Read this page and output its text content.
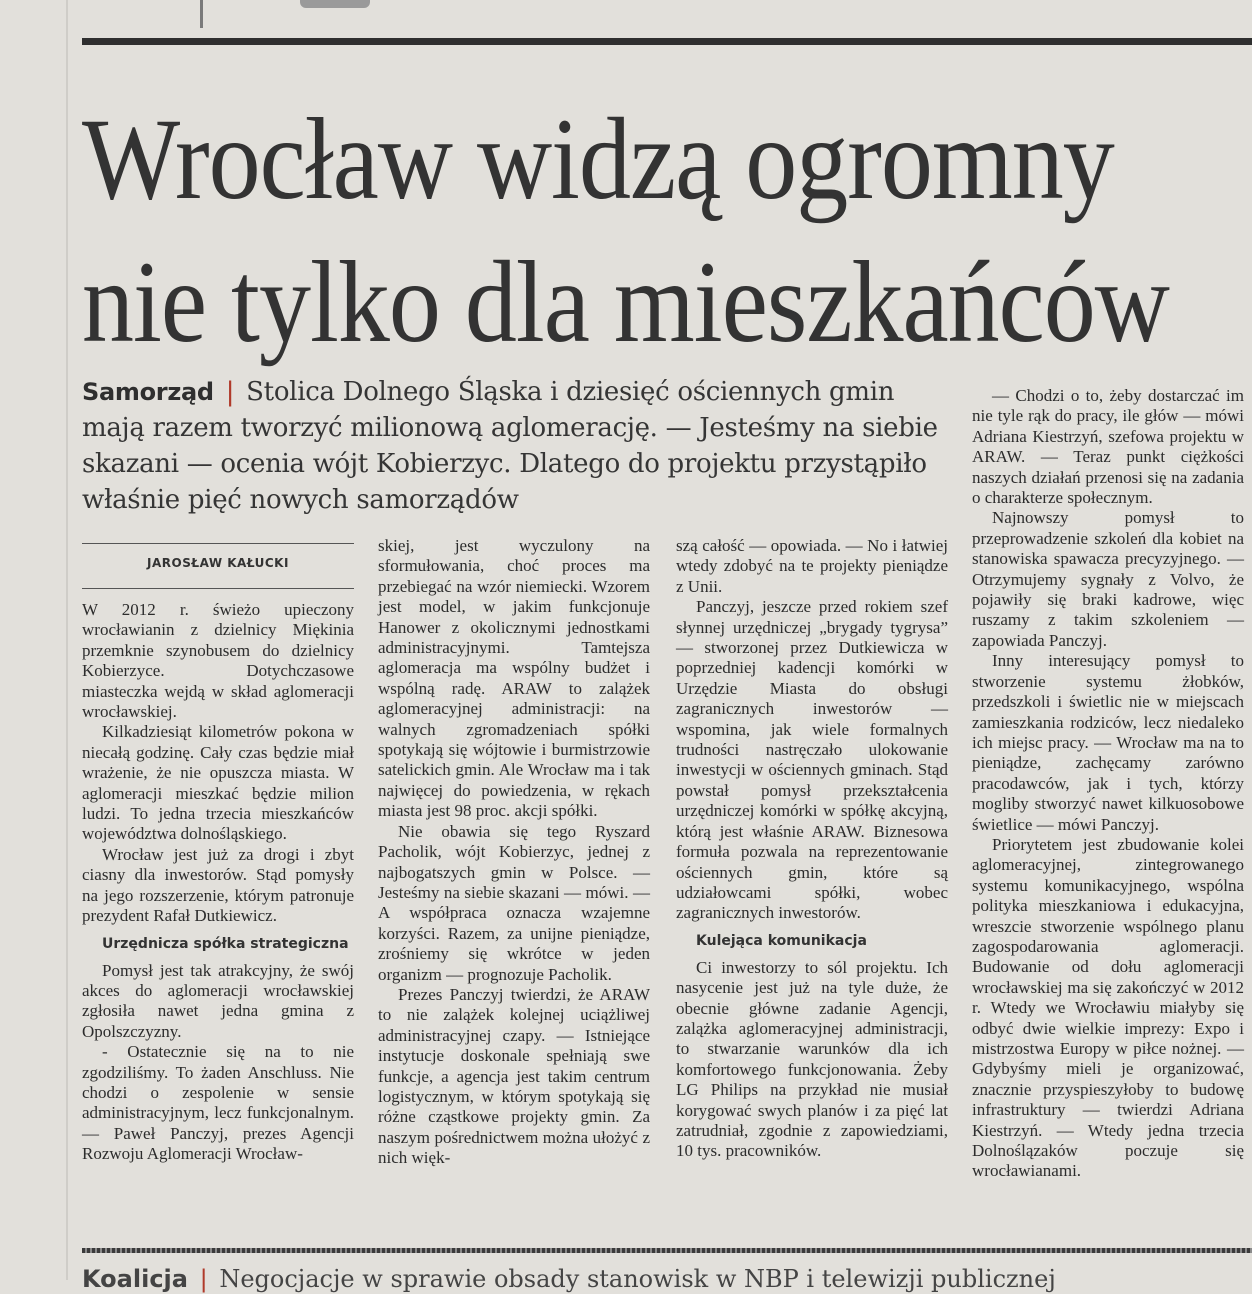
Wrocław widzą ogromny
nie tylko dla mieszkańców

Samorząd | Stolica Dolnego Śląska i dziesięć ościennych gmin mają razem tworzyć milionową aglomerację. — Jesteśmy na siebie skazani — ocenia wójt Kobierzyc. Dlatego do projektu przystąpiło właśnie pięć nowych samorządów

JAROSŁAW KAŁUCKI

W 2012 r. świeżo upieczony wrocławianin z dzielnicy Miękinia przemknie szynobusem do dzielnicy Kobierzyce. Dotychczasowe miasteczka wejdą w skład aglomeracji wrocławskiej.

Kilkadziesiąt kilometrów pokona w niecałą godzinę. Cały czas będzie miał wrażenie, że nie opuszcza miasta. W aglomeracji mieszkać będzie milion ludzi. To jedna trzecia mieszkańców województwa dolnośląskiego.

Wrocław jest już za drogi i zbyt ciasny dla inwestorów. Stąd pomysły na jego rozszerzenie, którym patronuje prezydent Rafał Dutkiewicz.

Urzędnicza spółka strategiczna

Pomysł jest tak atrakcyjny, że swój akces do aglomeracji wrocławskiej zgłosiła nawet jedna gmina z Opolszczyzny.

- Ostatecznie się na to nie zgodziliśmy. To żaden Anschluss. Nie chodzi o zespolenie w sensie administracyjnym, lecz funkcjonalnym. — Paweł Panczyj, prezes Agencji Rozwoju Aglomeracji Wrocław-

skiej, jest wyczulony na sformułowania, choć proces ma przebiegać na wzór niemiecki. Wzorem jest model, w jakim funkcjonuje Hanower z okolicznymi jednostkami administracyjnymi. Tamtejsza aglomeracja ma wspólny budżet i wspólną radę. ARAW to zalążek aglomeracyjnej administracji: na walnych zgromadzeniach spółki spotykają się wójtowie i burmistrzowie satelickich gmin. Ale Wrocław ma i tak najwięcej do powiedzenia, w rękach miasta jest 98 proc. akcji spółki.

Nie obawia się tego Ryszard Pacholik, wójt Kobierzyc, jednej z najbogatszych gmin w Polsce. — Jesteśmy na siebie skazani — mówi. — A współpraca oznacza wzajemne korzyści. Razem, za unijne pieniądze, zrośniemy się wkrótce w jeden organizm — prognozuje Pacholik.

Prezes Panczyj twierdzi, że ARAW to nie zalążek kolejnej uciążliwej administracyjnej czapy. — Istniejące instytucje doskonale spełniają swe funkcje, a agencja jest takim centrum logistycznym, w którym spotykają się różne cząstkowe projekty gmin. Za naszym pośrednictwem można ułożyć z nich więk-

szą całość — opowiada. — No i łatwiej wtedy zdobyć na te projekty pieniądze z Unii.

Panczyj, jeszcze przed rokiem szef słynnej urzędniczej „brygady tygrysa” — stworzonej przez Dutkiewicza w poprzedniej kadencji komórki w Urzędzie Miasta do obsługi zagranicznych inwestorów — wspomina, jak wiele formalnych trudności nastręczało ulokowanie inwestycji w ościennych gminach. Stąd powstał pomysł przekształcenia urzędniczej komórki w spółkę akcyjną, którą jest właśnie ARAW. Biznesowa formuła pozwala na reprezentowanie ościennych gmin, które są udziałowcami spółki, wobec zagranicznych inwestorów.

Kulejąca komunikacja

Ci inwestorzy to sól projektu. Ich nasycenie jest już na tyle duże, że obecnie główne zadanie Agencji, zalążka aglomeracyjnej administracji, to stwarzanie warunków dla ich komfortowego funkcjonowania. Żeby LG Philips na przykład nie musiał korygować swych planów i za pięć lat zatrudniał, zgodnie z zapowiedziami, 10 tys. pracowników.

— Chodzi o to, żeby dostarczać im nie tyle rąk do pracy, ile głów — mówi Adriana Kiestrzyń, szefowa projektu w ARAW. — Teraz punkt ciężkości naszych działań przenosi się na zadania o charakterze społecznym.

Najnowszy pomysł to przeprowadzenie szkoleń dla kobiet na stanowiska spawacza precyzyjnego. — Otrzymujemy sygnały z Volvo, że pojawiły się braki kadrowe, więc ruszamy z takim szkoleniem — zapowiada Panczyj.

Inny interesujący pomysł to stworzenie systemu żłobków, przedszkoli i świetlic nie w miejscach zamieszkania rodziców, lecz niedaleko ich miejsc pracy. — Wrocław ma na to pieniądze, zachęcamy zarówno pracodawców, jak i tych, którzy mogliby stworzyć nawet kilkuosobowe świetlice — mówi Panczyj.

Priorytetem jest zbudowanie kolei aglomeracyjnej, zintegrowanego systemu komunikacyjnego, wspólna polityka mieszkaniowa i edukacyjna, wreszcie stworzenie wspólnego planu zagospodarowania aglomeracji. Budowanie od dołu aglomeracji wrocławskiej ma się zakończyć w 2012 r. Wtedy we Wrocławiu miałyby się odbyć dwie wielkie imprezy: Expo i mistrzostwa Europy w piłce nożnej. — Gdybyśmy mieli je organizować, znacznie przyspieszyłoby to budowę infrastruktury — twierdzi Adriana Kiestrzyń. — Wtedy jedna trzecia Dolnoślązaków poczuje się wrocławianami.

Koalicja | Negocjacje w sprawie obsady stanowisk w NBP i telewizji publicznej
